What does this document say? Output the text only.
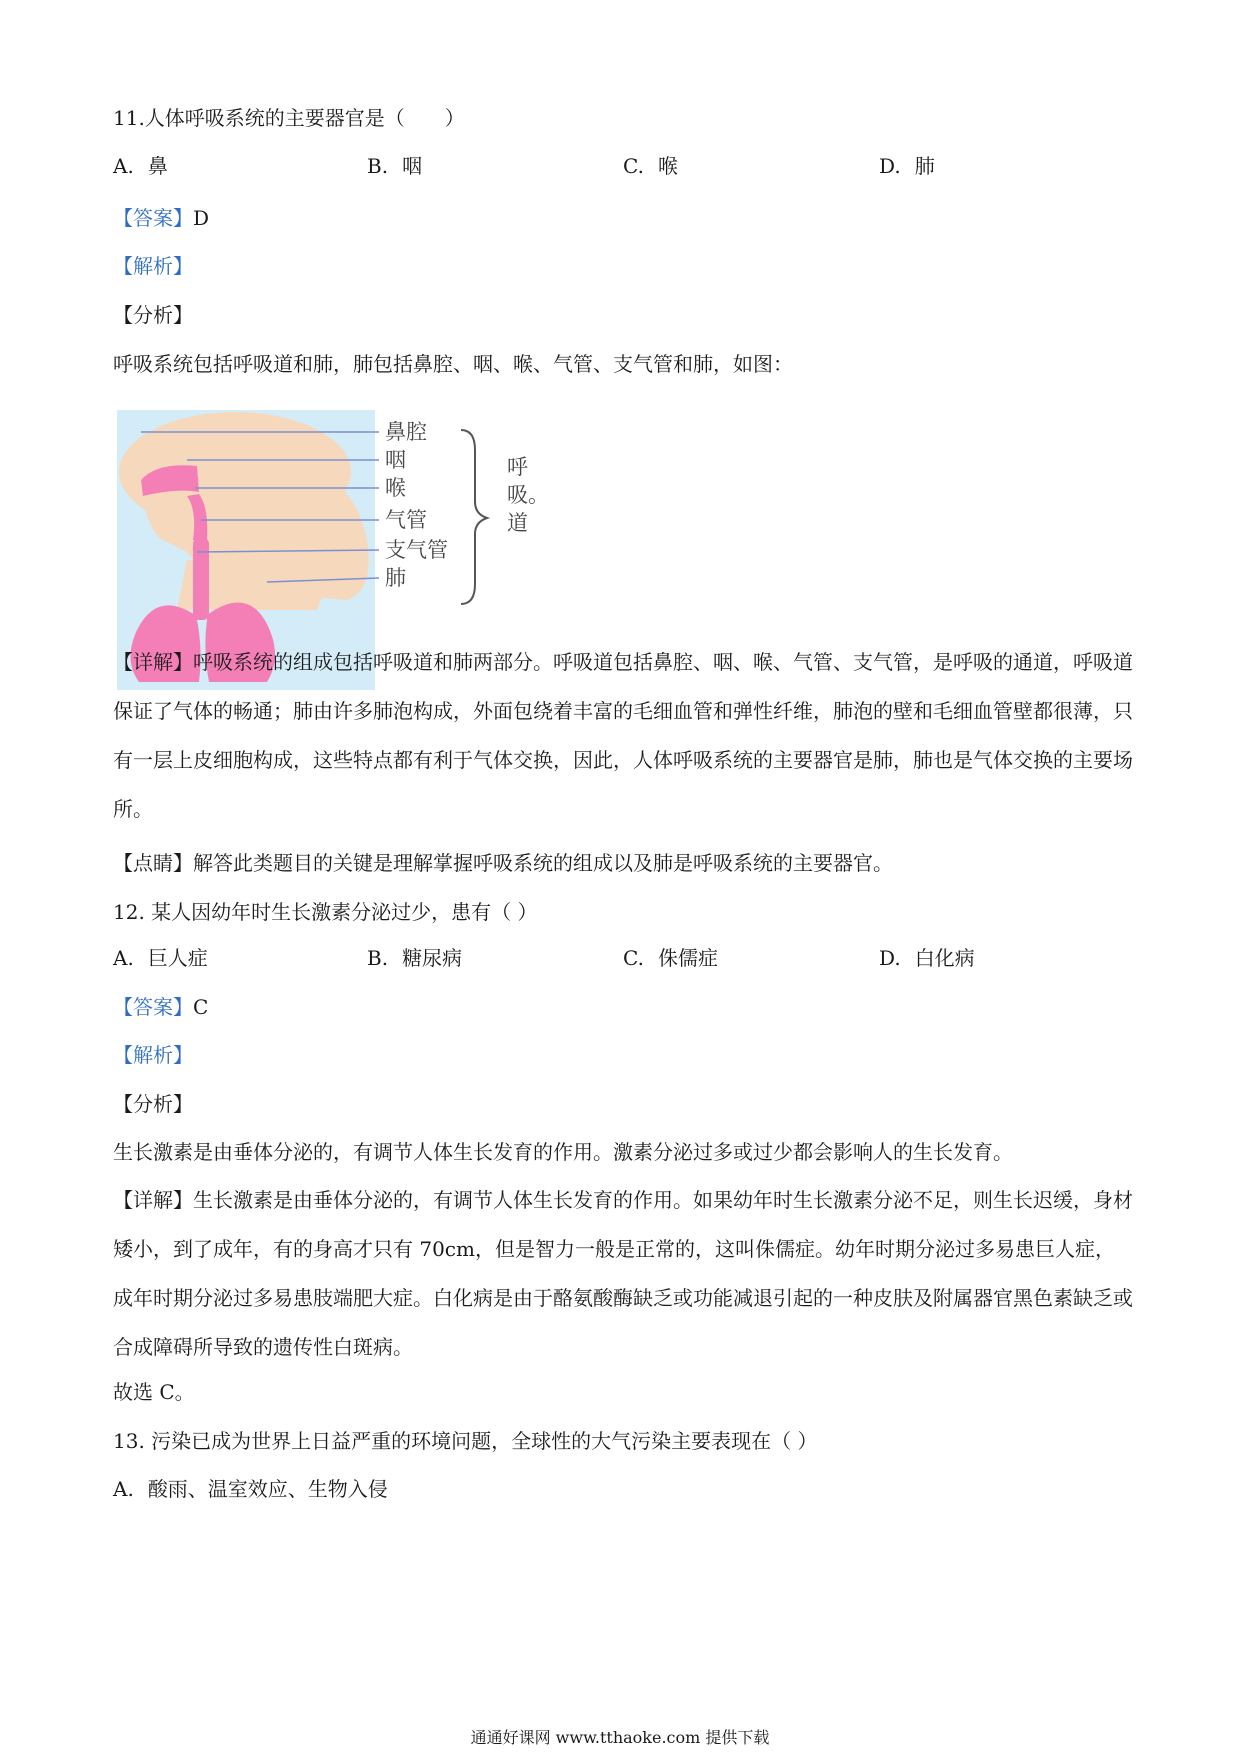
11.人体呼吸系统的主要器官是（　　）
A. 鼻	B. 咽	C. 喉	D. 肺
【答案】D
【解析】
【分析】
呼吸系统包括呼吸道和肺，肺包括鼻腔、咽、喉、气管、支气管和肺，如图：
鼻腔
咽
喉
气管
支气管
肺
呼
吸。
道
【详解】呼吸系统的组成包括呼吸道和肺两部分。呼吸道包括鼻腔、咽、喉、气管、支气管，是呼吸的通道，呼吸道保证了气体的畅通；肺由许多肺泡构成，外面包绕着丰富的毛细血管和弹性纤维，肺泡的壁和毛细血管壁都很薄，只有一层上皮细胞构成，这些特点都有利于气体交换，因此，人体呼吸系统的主要器官是肺，肺也是气体交换的主要场所。
【点睛】解答此类题目的关键是理解掌握呼吸系统的组成以及肺是呼吸系统的主要器官。
12. 某人因幼年时生长激素分泌过少，患有（ ）
A. 巨人症	B. 糖尿病	C. 侏儒症	D. 白化病
【答案】C
【解析】
【分析】
生长激素是由垂体分泌的，有调节人体生长发育的作用。激素分泌过多或过少都会影响人的生长发育。
【详解】生长激素是由垂体分泌的，有调节人体生长发育的作用。如果幼年时生长激素分泌不足，则生长迟缓，身材矮小，到了成年，有的身高才只有 70cm，但是智力一般是正常的，这叫侏儒症。幼年时期分泌过多易患巨人症，成年时期分泌过多易患肢端肥大症。白化病是由于酪氨酸酶缺乏或功能减退引起的一种皮肤及附属器官黑色素缺乏或合成障碍所导致的遗传性白斑病。
故选 C。
13. 污染已成为世界上日益严重的环境问题，全球性的大气污染主要表现在（ ）
A. 酸雨、温室效应、生物入侵
通通好课网 www.tthaoke.com 提供下载
